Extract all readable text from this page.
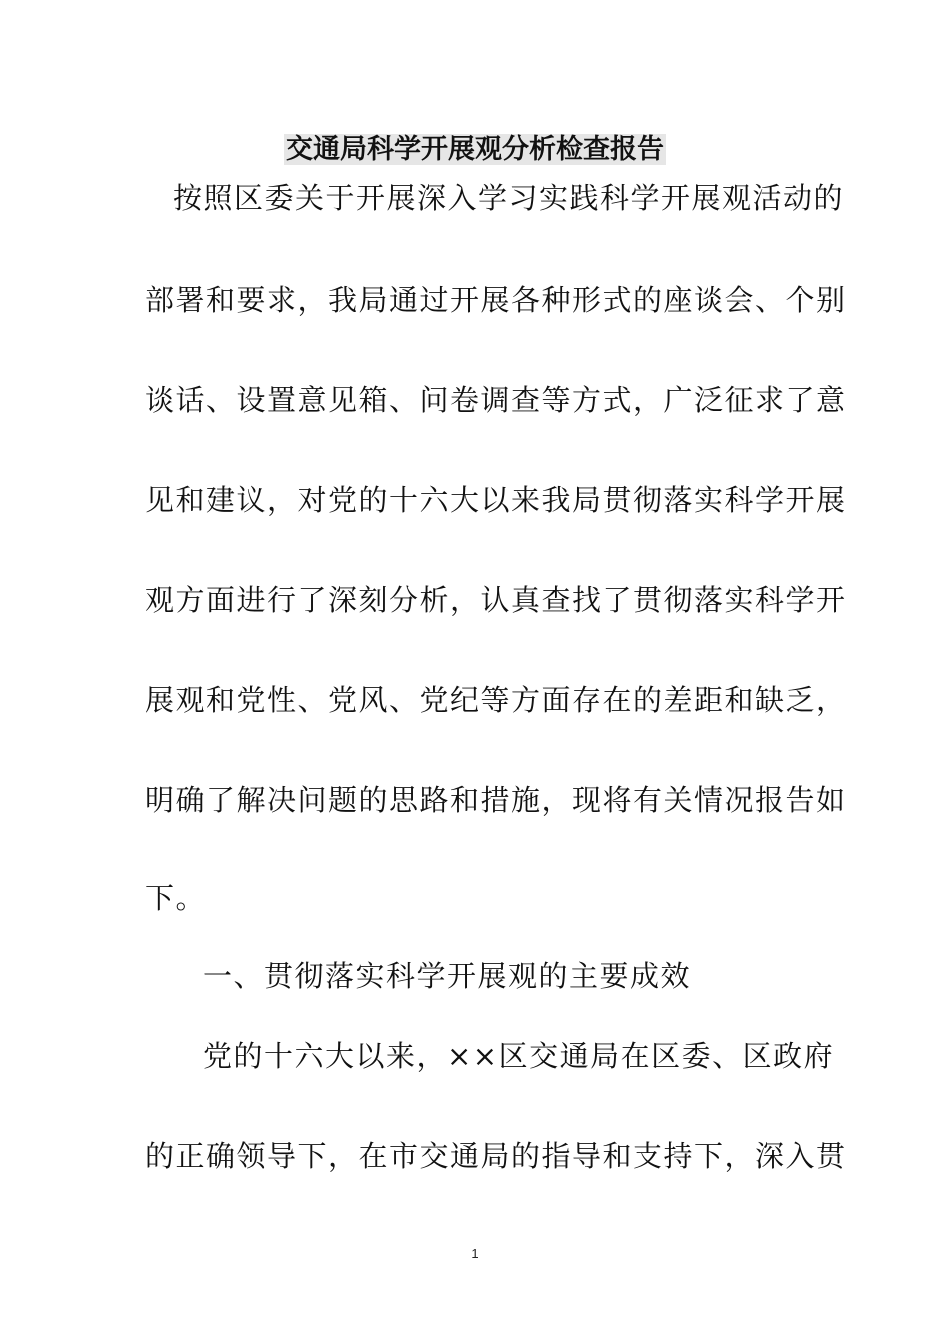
交通局科学开展观分析检查报告
按照区委关于开展深入学习实践科学开展观活动的
部署和要求，我局通过开展各种形式的座谈会、个别
谈话、设置意见箱、问卷调查等方式，广泛征求了意
见和建议，对党的十六大以来我局贯彻落实科学开展
观方面进行了深刻分析，认真查找了贯彻落实科学开
展观和党性、党风、党纪等方面存在的差距和缺乏，
明确了解决问题的思路和措施，现将有关情况报告如
下。
一、贯彻落实科学开展观的主要成效
党的十六大以来，××区交通局在区委、区政府
的正确领导下，在市交通局的指导和支持下，深入贯
1
